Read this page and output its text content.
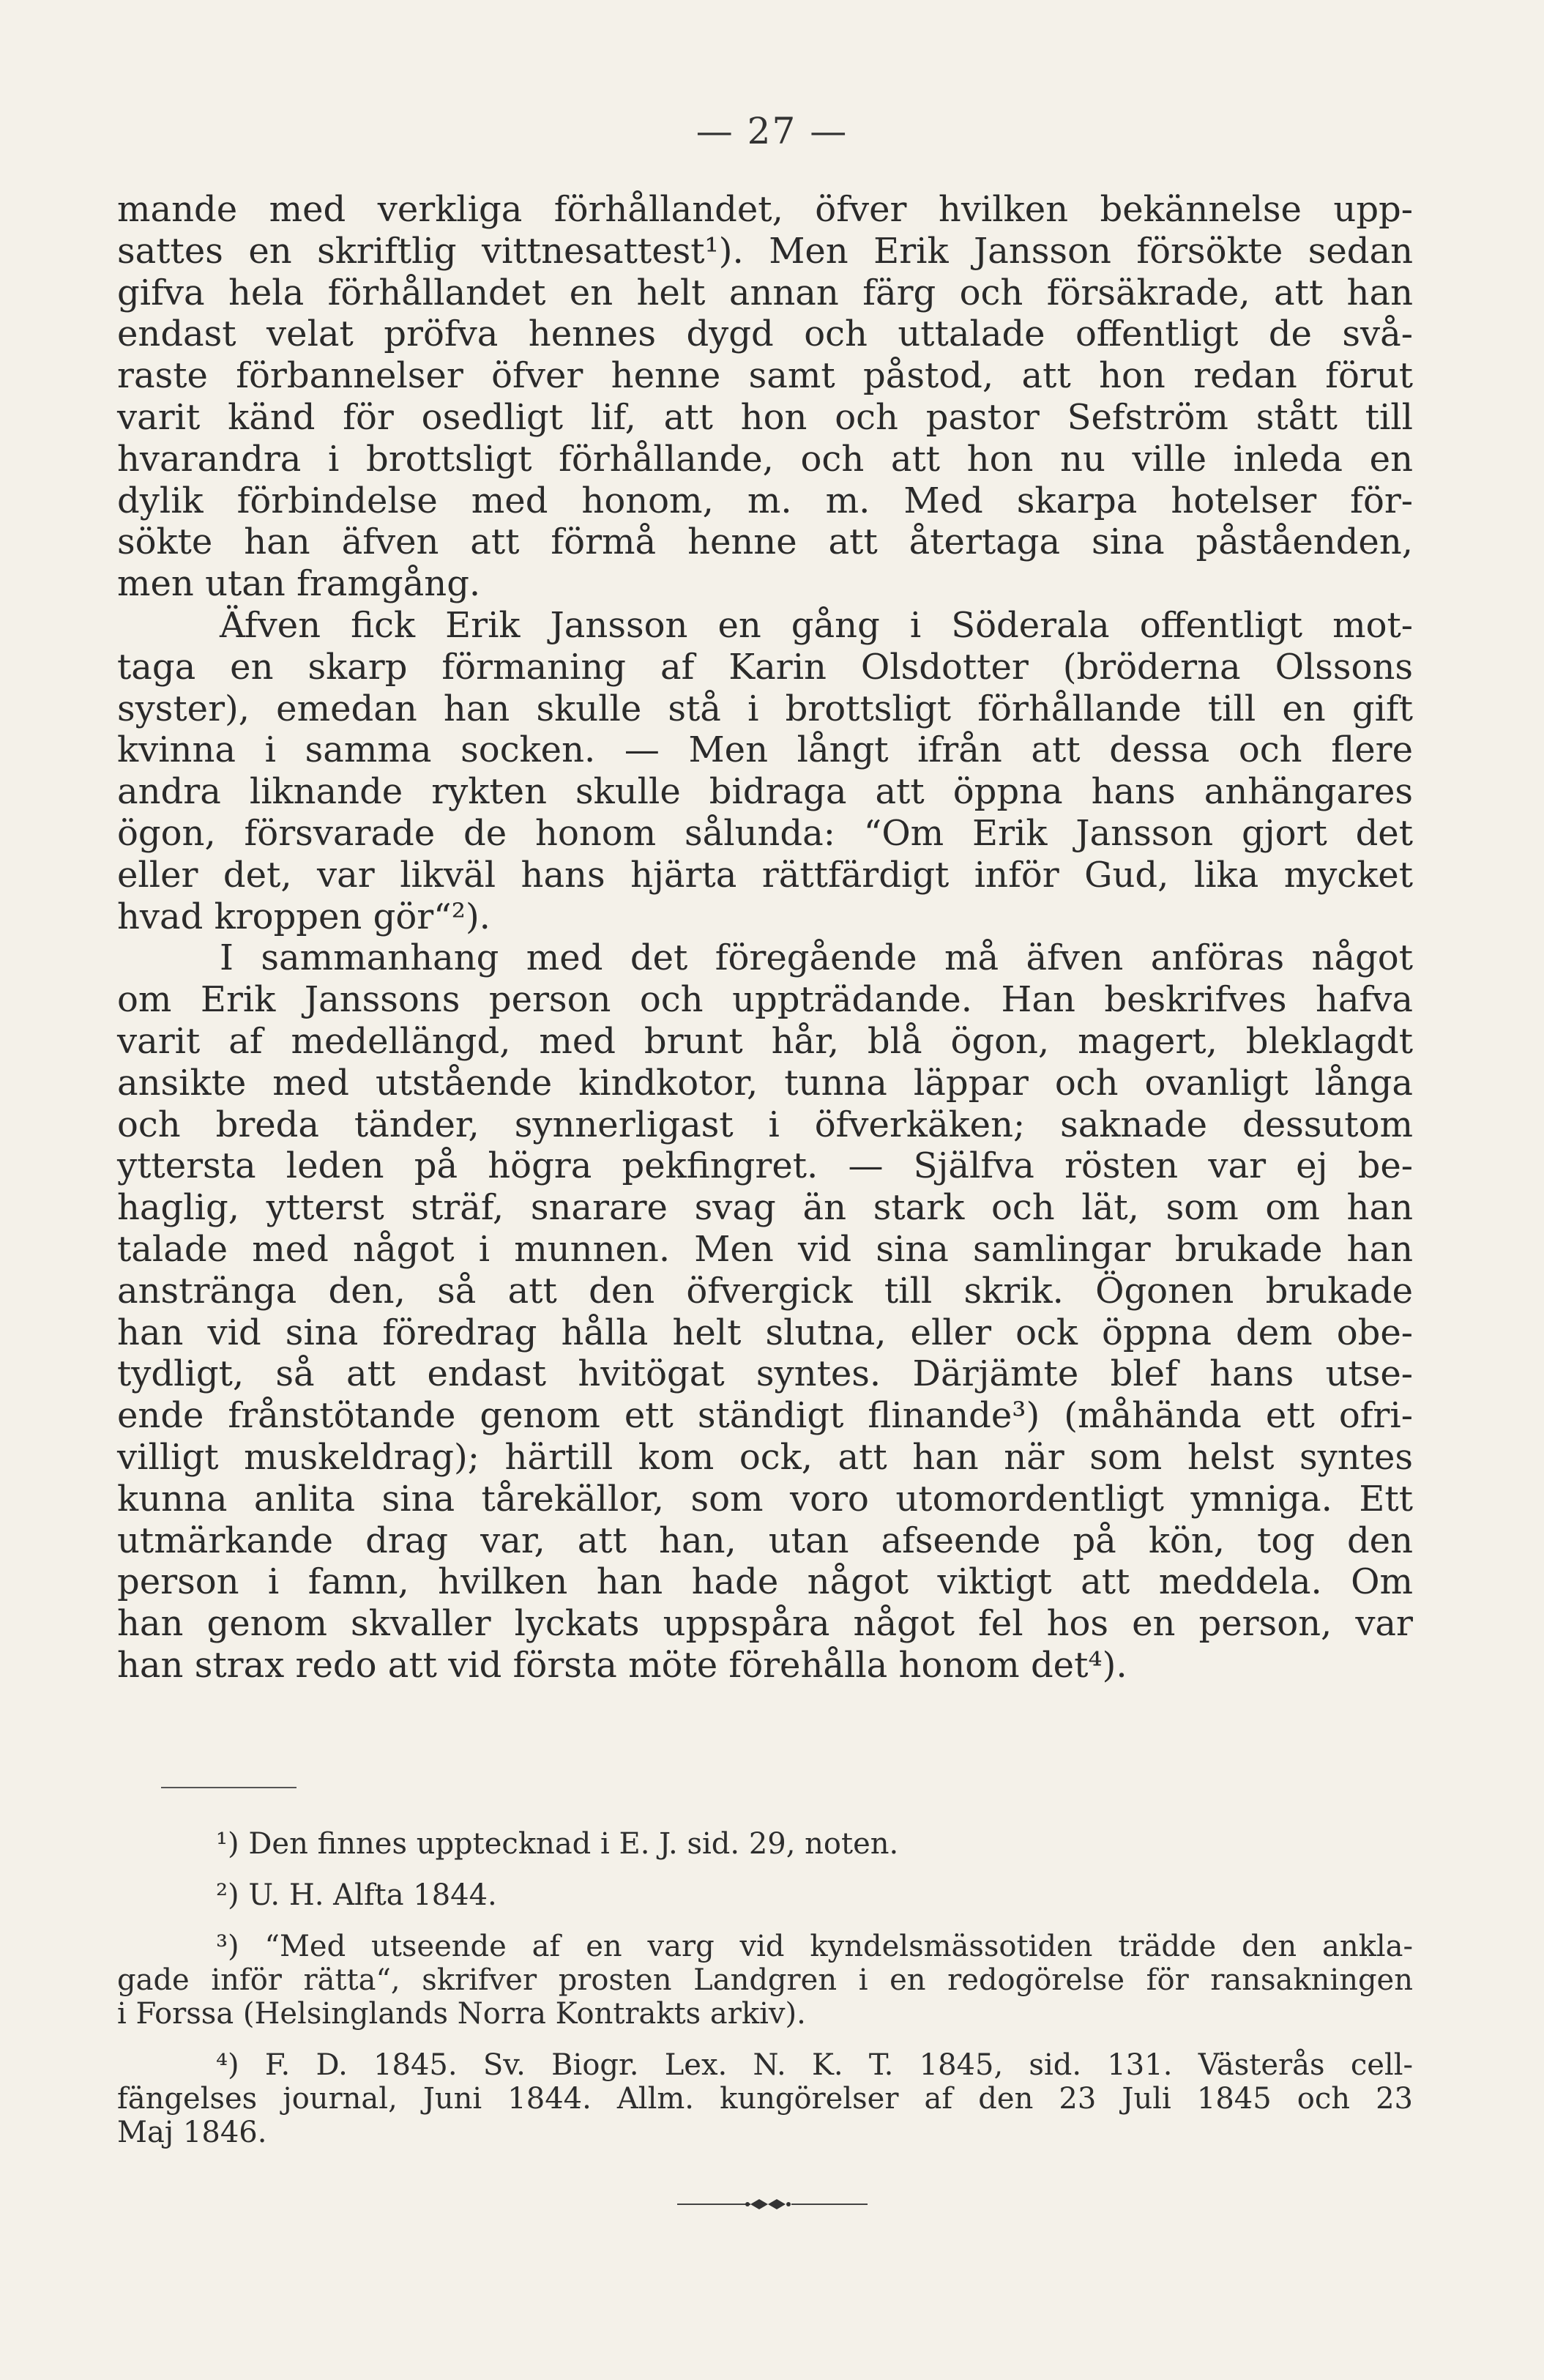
— 27 —
mande med verkliga förhållandet, öfver hvilken bekännelse upp-
sattes en skriftlig vittnesattest¹). Men Erik Jansson försökte sedan
gifva hela förhållandet en helt annan färg och försäkrade, att han
endast velat pröfva hennes dygd och uttalade offentligt de svå-
raste förbannelser öfver henne samt påstod, att hon redan förut
varit känd för osedligt lif, att hon och pastor Sefström stått till
hvarandra i brottsligt förhållande, och att hon nu ville inleda en
dylik förbindelse med honom, m. m. Med skarpa hotelser för-
sökte han äfven att förmå henne att återtaga sina påståenden,
men utan framgång.
Äfven fick Erik Jansson en gång i Söderala offentligt mot-
taga en skarp förmaning af Karin Olsdotter (bröderna Olssons
syster), emedan han skulle stå i brottsligt förhållande till en gift
kvinna i samma socken. — Men långt ifrån att dessa och flere
andra liknande rykten skulle bidraga att öppna hans anhängares
ögon, försvarade de honom sålunda: “Om Erik Jansson gjort det
eller det, var likväl hans hjärta rättfärdigt inför Gud, lika mycket
hvad kroppen gör“²).
I sammanhang med det föregående må äfven anföras något
om Erik Janssons person och uppträdande. Han beskrifves hafva
varit af medellängd, med brunt hår, blå ögon, magert, bleklagdt
ansikte med utstående kindkotor, tunna läppar och ovanligt långa
och breda tänder, synnerligast i öfverkäken; saknade dessutom
yttersta leden på högra pekfingret. — Själfva rösten var ej be-
haglig, ytterst sträf, snarare svag än stark och lät, som om han
talade med något i munnen. Men vid sina samlingar brukade han
anstränga den, så att den öfvergick till skrik. Ögonen brukade
han vid sina föredrag hålla helt slutna, eller ock öppna dem obe-
tydligt, så att endast hvitögat syntes. Därjämte blef hans utse-
ende frånstötande genom ett ständigt flinande³) (måhända ett ofri-
villigt muskeldrag); härtill kom ock, att han när som helst syntes
kunna anlita sina tårekällor, som voro utomordentligt ymniga. Ett
utmärkande drag var, att han, utan afseende på kön, tog den
person i famn, hvilken han hade något viktigt att meddela. Om
han genom skvaller lyckats uppspåra något fel hos en person, var
han strax redo att vid första möte förehålla honom det⁴).
¹) Den finnes upptecknad i E. J. sid. 29, noten.
²) U. H. Alfta 1844.
³) “Med utseende af en varg vid kyndelsmässotiden trädde den ankla-
gade inför rätta“, skrifver prosten Landgren i en redogörelse för ransakningen
i Forssa (Helsinglands Norra Kontrakts arkiv).
⁴) F. D. 1845. Sv. Biogr. Lex. N. K. T. 1845, sid. 131. Västerås cell-
fängelses journal, Juni 1844. Allm. kungörelser af den 23 Juli 1845 och 23
Maj 1846.
